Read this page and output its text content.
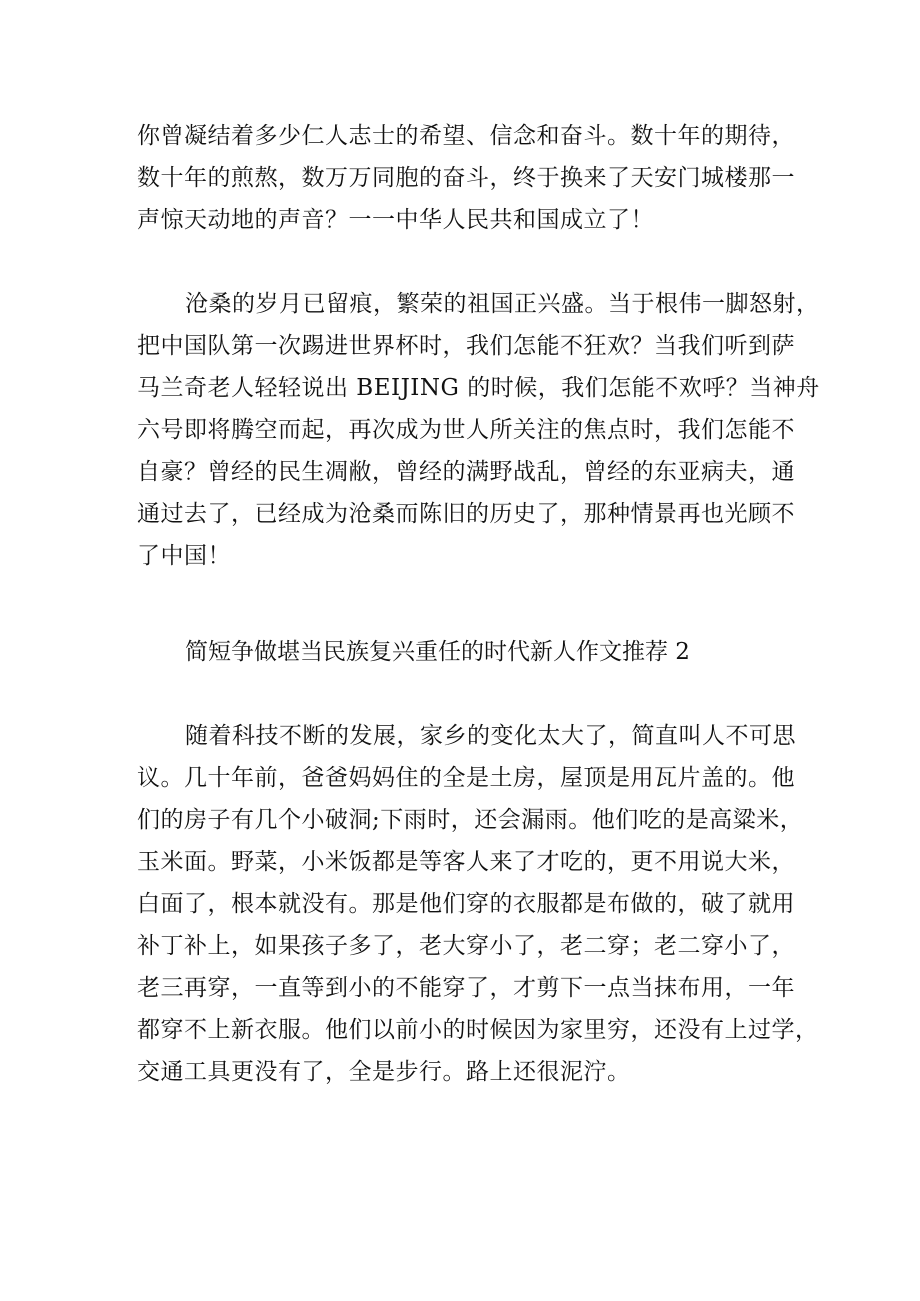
你曾凝结着多少仁人志士的希望、信念和奋斗。数十年的期待，
数十年的煎熬，数万万同胞的奋斗，终于换来了天安门城楼那一
声惊天动地的声音？一一中华人民共和国成立了！

沧桑的岁月已留痕，繁荣的祖国正兴盛。当于根伟一脚怒射，
把中国队第一次踢进世界杯时，我们怎能不狂欢？当我们听到萨
马兰奇老人轻轻说出 BEIJING 的时候，我们怎能不欢呼？当神舟
六号即将腾空而起，再次成为世人所关注的焦点时，我们怎能不
自豪？曾经的民生凋敝，曾经的满野战乱，曾经的东亚病夫，通
通过去了，已经成为沧桑而陈旧的历史了，那种情景再也光顾不
了中国！

简短争做堪当民族复兴重任的时代新人作文推荐 2

随着科技不断的发展，家乡的变化太大了，简直叫人不可思
议。几十年前，爸爸妈妈住的全是土房，屋顶是用瓦片盖的。他
们的房子有几个小破洞;下雨时，还会漏雨。他们吃的是高粱米，
玉米面。野菜，小米饭都是等客人来了才吃的，更不用说大米，
白面了，根本就没有。那是他们穿的衣服都是布做的，破了就用
补丁补上，如果孩子多了，老大穿小了，老二穿；老二穿小了，
老三再穿，一直等到小的不能穿了，才剪下一点当抹布用，一年
都穿不上新衣服。他们以前小的时候因为家里穷，还没有上过学，
交通工具更没有了，全是步行。路上还很泥泞。
